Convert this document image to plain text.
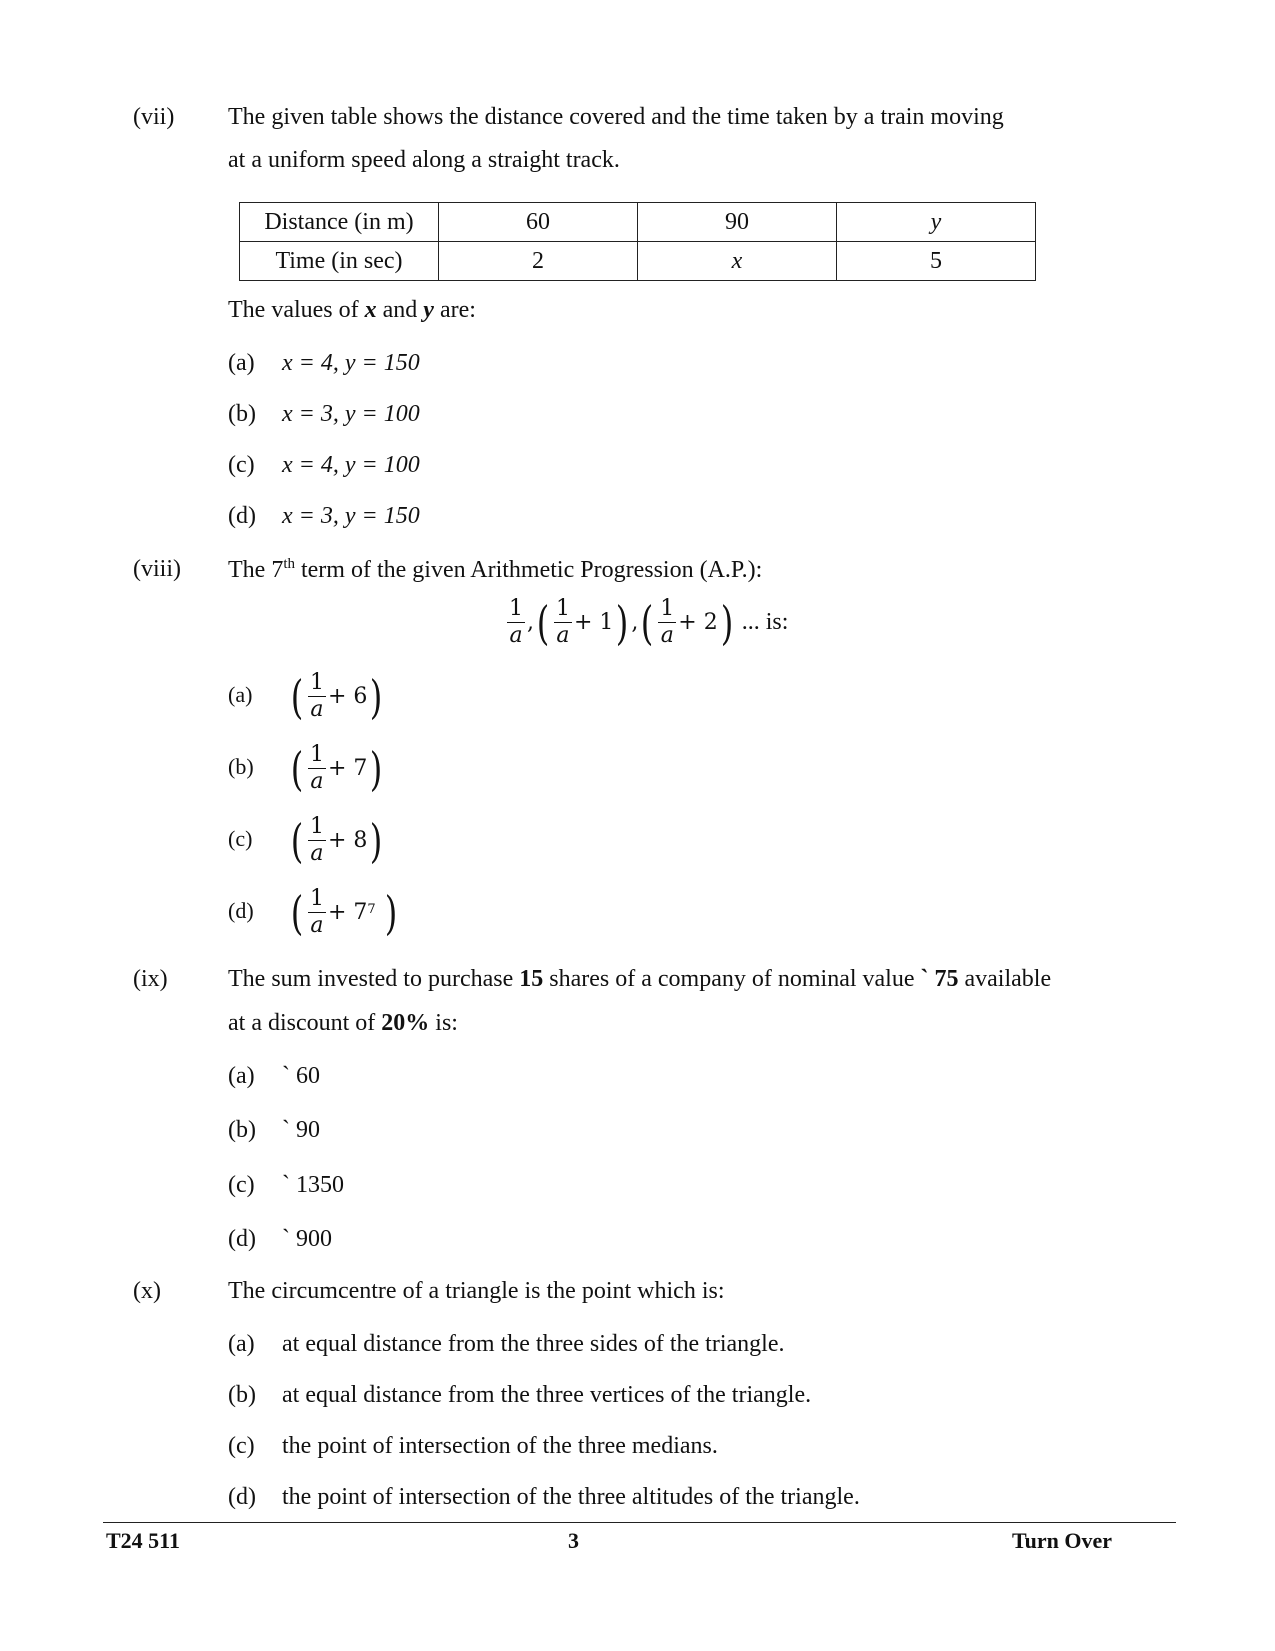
(vii) The given table shows the distance covered and the time taken by a train moving
at a uniform speed along a straight track.
Distance (in m)	60	90	y
Time (in sec)	2	x	5
The values of x and y are:
(a) x = 4, y = 150
(b) x = 3, y = 100
(c) x = 4, y = 100
(d) x = 3, y = 150
(viii) The 7th term of the given Arithmetic Progression (A.P.):
$\frac{1}{a}$ , ( $\frac{1}{a} + 1$ ) , ( $\frac{1}{a} + 2$ ) ... is:
(a) ( $\frac{1}{a} + 6$ )
(b) ( $\frac{1}{a} + 7$ )
(c) ( $\frac{1}{a} + 8$ )
(d) ( $\frac{1}{a} + 7$ 7 )
(ix)	The sum invested to purchase 15 shares of a company of nominal value ` 75 available
at a discount of 20% is:
(a) ` 60
(b) ` 90
(c) ` 1350
(d) ` 900
(x)	The circumcentre of a triangle is the point which is:
(a) at equal distance from the three sides of the triangle.
(b) at equal distance from the three vertices of the triangle.
(c) the point of intersection of the three medians.
(d) the point of intersection of the three altitudes of the triangle.
T24 511	3	Turn Over
